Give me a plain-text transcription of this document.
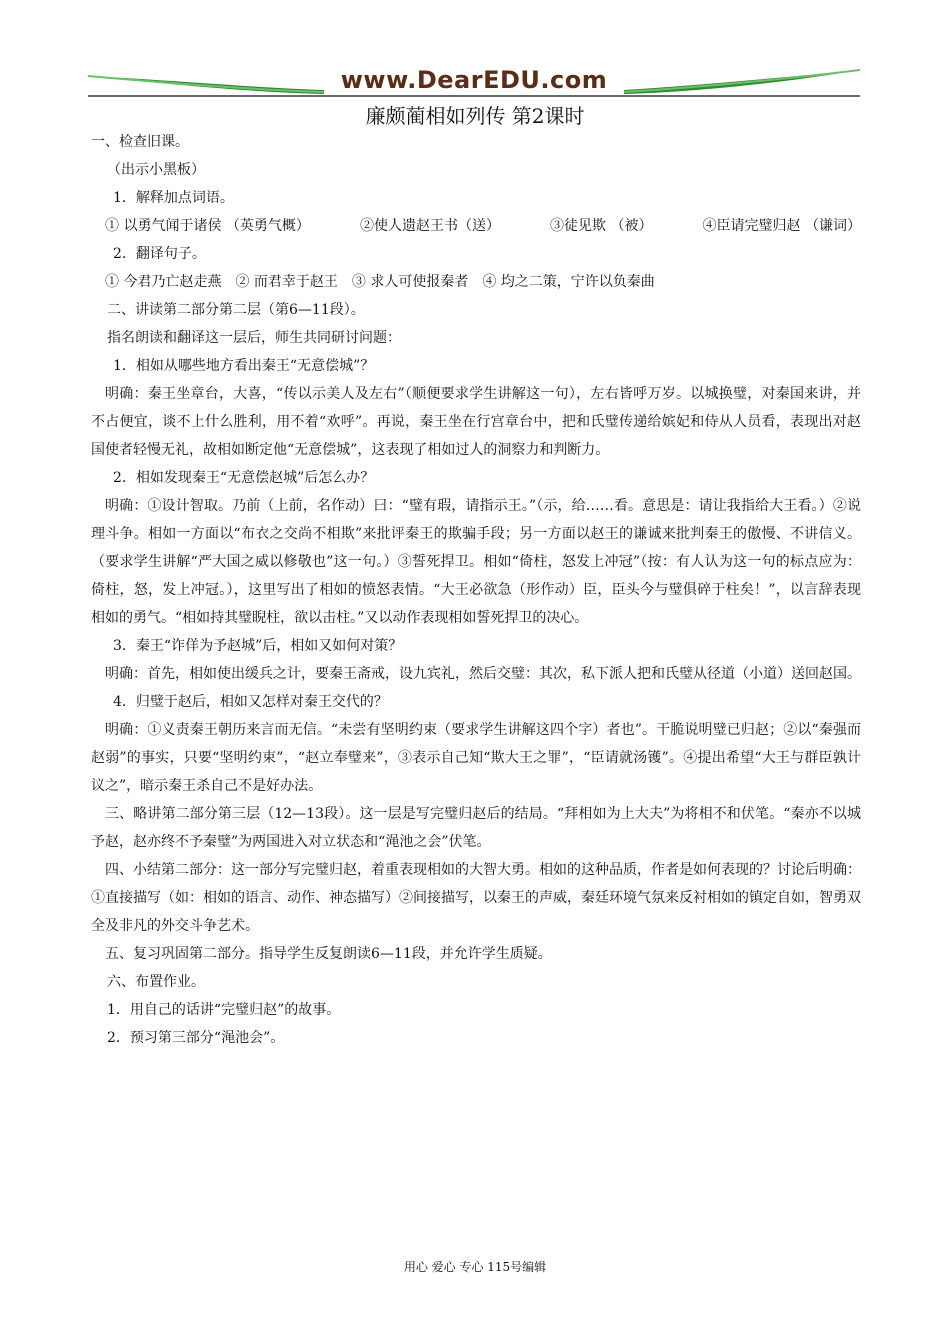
www.DearEDU.com
廉颇蔺相如列传 第2课时

一、检查旧课。

（出示小黑板）

1．解释加点词语。

① 以勇气闻于诸侯 （英勇气概）	②使人遗赵王书（送）	③徒见欺 （被）	④臣请完璧归赵 （谦词）

2．翻译句子。

① 今君乃亡赵走燕 ② 而君幸于赵王 ③ 求人可使报秦者 ④ 均之二策，宁许以负秦曲

二、讲读第二部分第二层（第6—11段）。

指名朗读和翻译这一层后，师生共同研讨问题：

1．相如从哪些地方看出秦王“无意偿城”？

明确：秦王坐章台，大喜，“传以示美人及左右”（顺便要求学生讲解这一句），左右皆呼万岁。以城换璧，对秦国来讲，并不占便宜，谈不上什么胜利，用不着“欢呼”。再说，秦王坐在行宫章台中，把和氏璧传递给嫔妃和侍从人员看，表现出对赵国使者轻慢无礼，故相如断定他“无意偿城”，这表现了相如过人的洞察力和判断力。

2．相如发现秦王“无意偿赵城”后怎么办？

明确：①设计智取。乃前（上前，名作动）曰：“璧有瑕，请指示王。”（示，给……看。意思是：请让我指给大王看。）②说理斗争。相如一方面以“布衣之交尚不相欺”来批评秦王的欺骗手段；另一方面以赵王的谦诚来批判秦王的傲慢、不讲信义。（要求学生讲解“严大国之威以修敬也”这一句。）③誓死捍卫。相如“倚柱，怒发上冲冠”（按：有人认为这一句的标点应为：倚柱，怒，发上冲冠。），这里写出了相如的愤怒表情。“大王必欲急（形作动）臣，臣头今与璧俱碎于柱矣！”，以言辞表现相如的勇气。“相如持其璧睨柱，欲以击柱。”又以动作表现相如誓死捍卫的决心。

3．秦王“诈佯为予赵城”后，相如又如何对策？

明确：首先，相如使出缓兵之计，要秦王斋戒，设九宾礼，然后交璧：其次，私下派人把和氏璧从径道（小道）送回赵国。

4．归璧于赵后，相如又怎样对秦王交代的？

明确：①义责秦王朝历来言而无信。“未尝有坚明约束（要求学生讲解这四个字）者也”。干脆说明璧已归赵；②以“秦强而赵弱”的事实，只要“坚明约束”，“赵立奉璧来”，③表示自己知“欺大王之罪”，“臣请就汤镬”。④提出希望“大王与群臣孰计议之”，暗示秦王杀自己不是好办法。

三、略讲第二部分第三层（12—13段）。这一层是写完璧归赵后的结局。“拜相如为上大夫”为将相不和伏笔。“秦亦不以城予赵，赵亦终不予秦璧”为两国进入对立状态和“渑池之会”伏笔。

四、小结第二部分：这一部分写完璧归赵，着重表现相如的大智大勇。相如的这种品质，作者是如何表现的？讨论后明确：①直接描写（如：相如的语言、动作、神态描写）②间接描写，以秦王的声威，秦廷环境气氛来反衬相如的镇定自如，智勇双全及非凡的外交斗争艺术。

五、复习巩固第二部分。指导学生反复朗读6—11段，并允许学生质疑。

六、布置作业。

1．用自己的话讲“完璧归赵”的故事。

2．预习第三部分“渑池会”。

用心 爱心 专心 115号编辑
